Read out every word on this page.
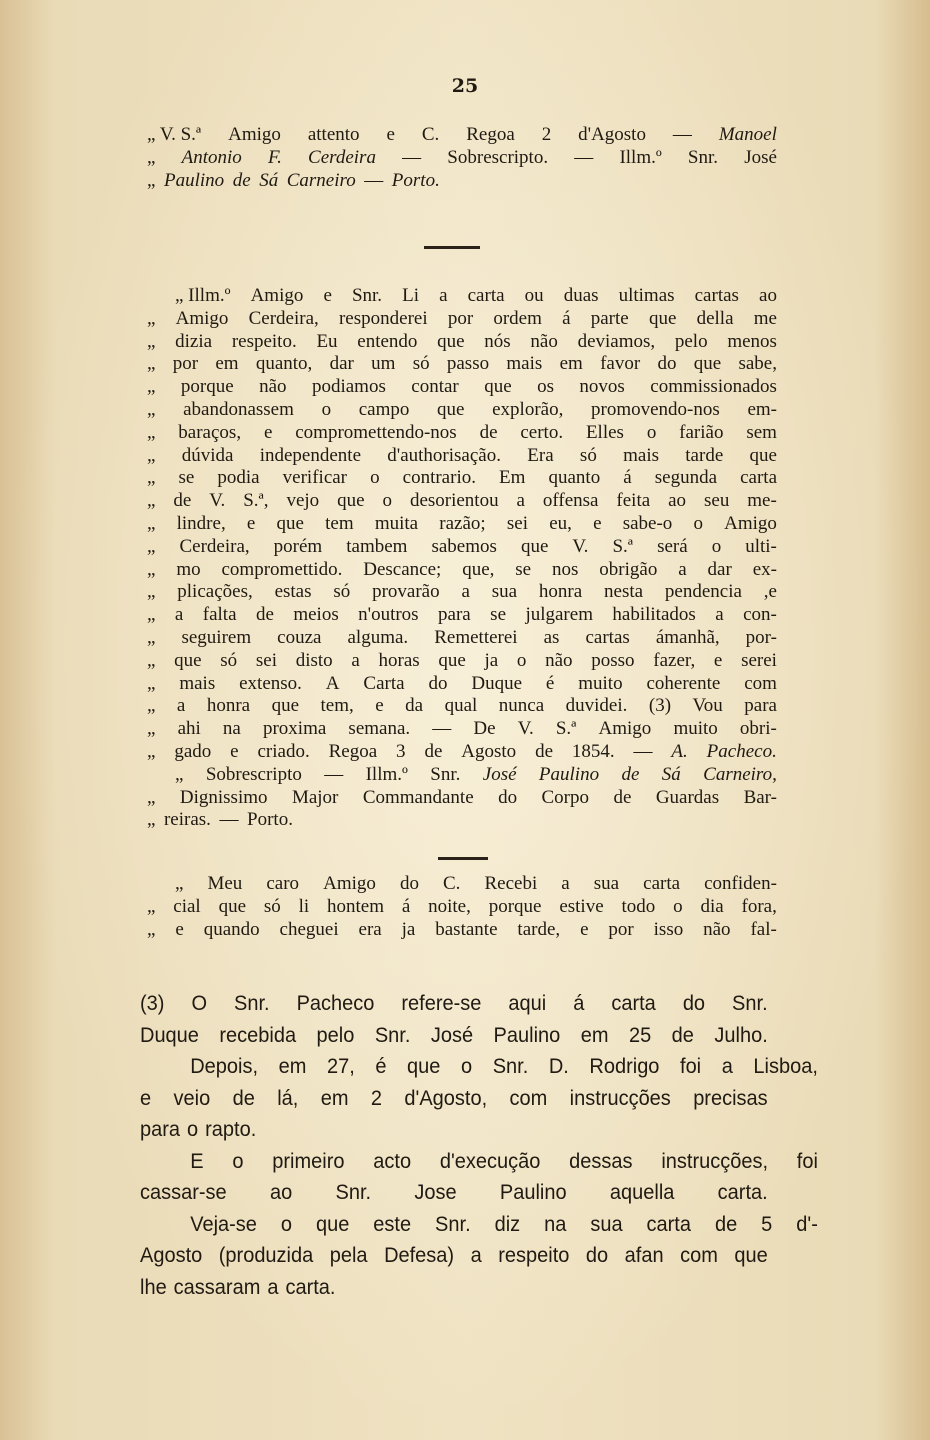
25
„ V. S.ª Amigo attento e C. Regoa 2 d'Agosto — Manoel
„ Antonio F. Cerdeira — Sobrescripto. — Illm.º Snr. José
„ Paulino de Sá Carneiro — Porto.
„ Illm.º Amigo e Snr. Li a carta ou duas ultimas cartas ao
„ Amigo Cerdeira, responderei por ordem á parte que della me
„ dizia respeito. Eu entendo que nós não deviamos, pelo menos
„ por em quanto, dar um só passo mais em favor do que sabe,
„ porque não podiamos contar que os novos commissionados
„ abandonassem o campo que explorão, promovendo-nos em-
„ baraços, e compromettendo-nos de certo. Elles o farião sem
„ dúvida independente d'authorisação. Era só mais tarde que
„ se podia verificar o contrario. Em quanto á segunda carta
„ de V. S.ª, vejo que o desorientou a offensa feita ao seu me-
„ lindre, e que tem muita razão; sei eu, e sabe-o o Amigo
„ Cerdeira, porém tambem sabemos que V. S.ª será o ulti-
„ mo compromettido. Descance; que, se nos obrigão a dar ex-
„ plicações, estas só provarão a sua honra nesta pendencia ,e
„ a falta de meios n'outros para se julgarem habilitados a con-
„ seguirem couza alguma. Remetterei as cartas ámanhã, por-
„ que só sei disto a horas que ja o não posso fazer, e serei
„ mais extenso. A Carta do Duque é muito coherente com
„ a honra que tem, e da qual nunca duvidei. (3) Vou para
„ ahi na proxima semana. — De V. S.ª Amigo muito obri-
„ gado e criado. Regoa 3 de Agosto de 1854. — A. Pacheco.
„ Sobrescripto — Illm.º Snr. José Paulino de Sá Carneiro,
„ Dignissimo Major Commandante do Corpo de Guardas Bar-
„ reiras. — Porto.
„ Meu caro Amigo do C. Recebi a sua carta confiden-
„ cial que só li hontem á noite, porque estive todo o dia fora,
„ e quando cheguei era ja bastante tarde, e por isso não fal-
(3) O Snr. Pacheco refere-se aqui á carta do Snr.
Duque recebida pelo Snr. José Paulino em 25 de Julho.
Depois, em 27, é que o Snr. D. Rodrigo foi a Lisboa,
e veio de lá, em 2 d'Agosto, com instrucções precisas
para o rapto.
E o primeiro acto d'execução dessas instrucções, foi
cassar-se ao Snr. Jose Paulino aquella carta.
Veja-se o que este Snr. diz na sua carta de 5 d'-
Agosto (produzida pela Defesa) a respeito do afan com que
lhe cassaram a carta.
